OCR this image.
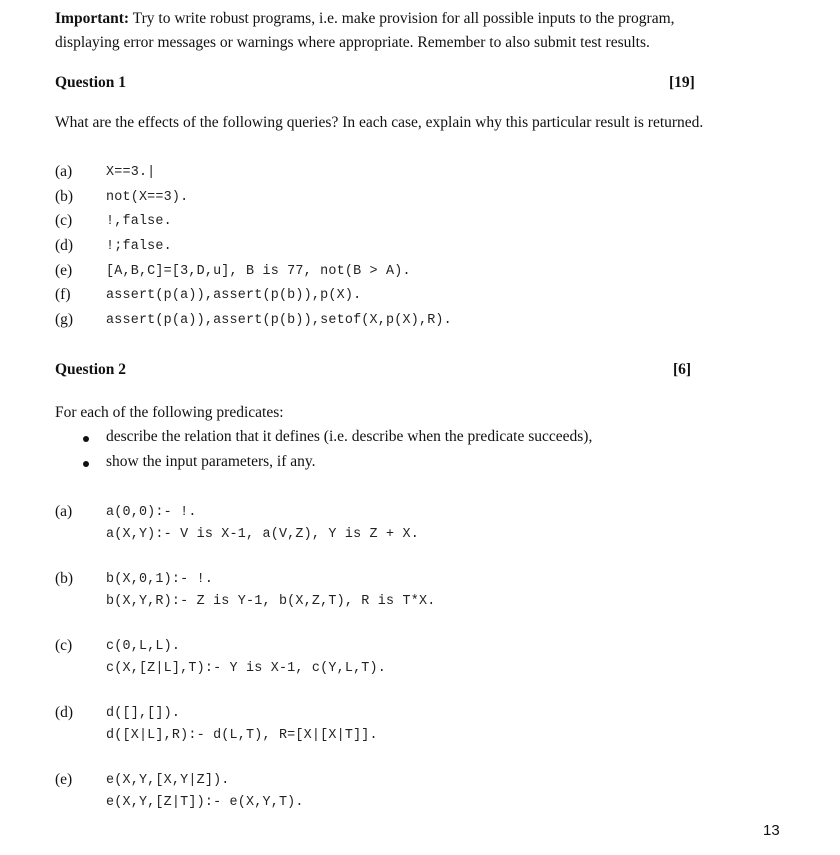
Important: Try to write robust programs, i.e. make provision for all possible inputs to the program,
displaying error messages or warnings where appropriate. Remember to also submit test results.
Question 1	[19]
What are the effects of the following queries? In each case, explain why this particular result is returned.
(a)	X==3.|
(b) not(X==3).
(c)	!,false.
(d) !;false.
(e)	[A,B,C]=[3,D,u], B is 77, not(B > A).
(f)	assert(p(a)),assert(p(b)),p(X).
(g) assert(p(a)),assert(p(b)),setof(X,p(X),R).
Question 2	[6]
For each of the following predicates:
describe the relation that it defines (i.e. describe when the predicate succeeds),
show the input parameters, if any.
(a)	a(0,0):- !.
a(X,Y):- V is X-1, a(V,Z), Y is Z + X.
(b) b(X,0,1):- !.
b(X,Y,R):- Z is Y-1, b(X,Z,T), R is T*X.
(c)	c(0,L,L).
c(X,[Z|L],T):- Y is X-1, c(Y,L,T).
(d) d([],[]).
d([X|L],R):- d(L,T), R=[X|[X|T]].
(e)	e(X,Y,[X,Y|Z]).
e(X,Y,[Z|T]):- e(X,Y,T).
13
